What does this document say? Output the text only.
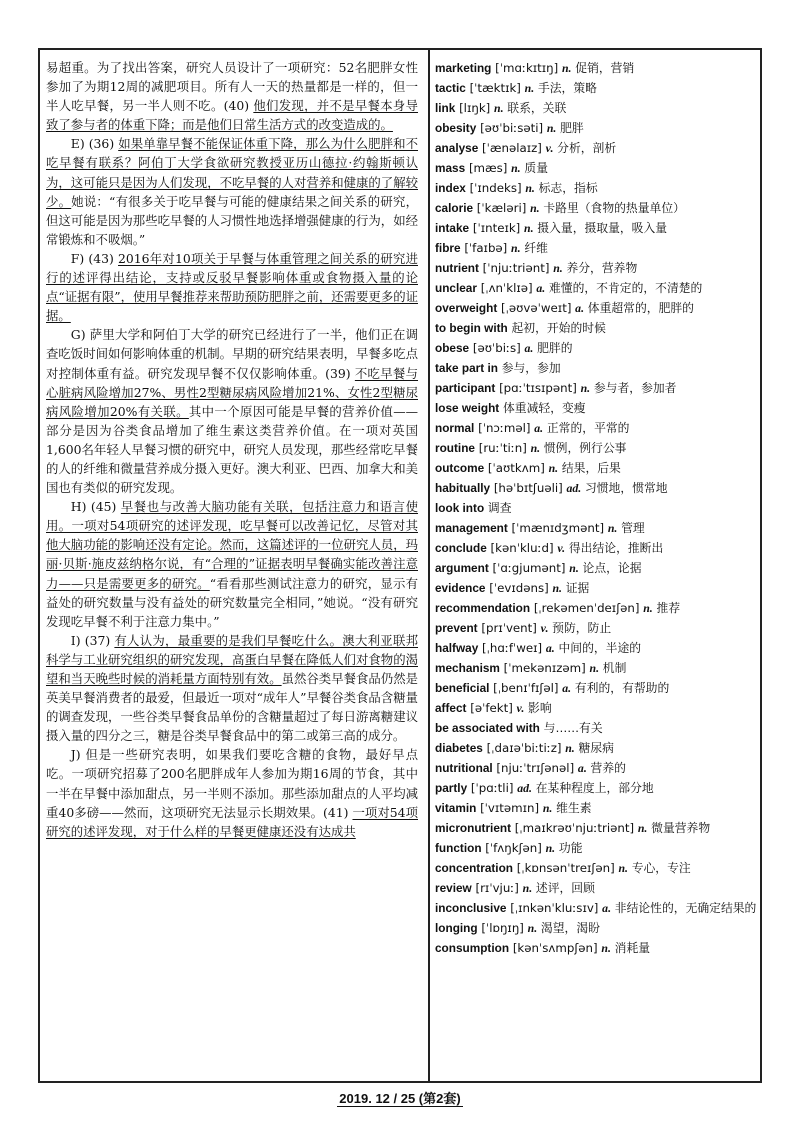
易超重。为了找出答案，研究人员设计了一项研究：52名肥胖女性参加了为期12周的减肥项目。所有人一天的热量都是一样的，但一半人吃早餐，另一半人则不吃。(40) 他们发现，并不是早餐本身导致了参与者的体重下降；而是他们日常生活方式的改变造成的。

E) (36) 如果单靠早餐不能保证体重下降，那么为什么肥胖和不吃早餐有联系？阿伯丁大学食欲研究教授亚历山德拉·约翰斯顿认为，这可能只是因为人们发现，不吃早餐的人对营养和健康的了解较少。她说：“有很多关于吃早餐与可能的健康结果之间关系的研究，但这可能是因为那些吃早餐的人习惯性地选择增强健康的行为，如经常锻炼和不吸烟。”

F) (43) 2016年对10项关于早餐与体重管理之间关系的研究进行的述评得出结论，支持或反驳早餐影响体重或食物摄入量的论点“证据有限”，使用早餐推荐来帮助预防肥胖之前，还需要更多的证据。

G) 萨里大学和阿伯丁大学的研究已经进行了一半，他们正在调查吃饭时间如何影响体重的机制。早期的研究结果表明，早餐多吃点对控制体重有益。研究发现早餐不仅仅影响体重。(39) 不吃早餐与心脏病风险增加27%、男性2型糖尿病风险增加21%、女性2型糖尿病风险增加20%有关联。其中一个原因可能是早餐的营养价值——部分是因为谷类食品增加了维生素这类营养价值。在一项对英国1,600名年轻人早餐习惯的研究中，研究人员发现，那些经常吃早餐的人的纤维和微量营养成分摄入更好。澳大利亚、巴西、加拿大和美国也有类似的研究发现。

H) (45) 早餐也与改善大脑功能有关联，包括注意力和语言使用。一项对54项研究的述评发现，吃早餐可以改善记忆，尽管对其他大脑功能的影响还没有定论。然而，这篇述评的一位研究人员，玛丽·贝斯·施皮兹纳格尔说，有“合理的”证据表明早餐确实能改善注意力——只是需要更多的研究。“看看那些测试注意力的研究，显示有益处的研究数量与没有益处的研究数量完全相同，”她说。“没有研究发现吃早餐不利于注意力集中。”

I) (37) 有人认为，最重要的是我们早餐吃什么。澳大利亚联邦科学与工业研究组织的研究发现，高蛋白早餐在降低人们对食物的渴望和当天晚些时候的消耗量方面特别有效。虽然谷类早餐食品仍然是英美早餐消费者的最爱，但最近一项对“成年人”早餐谷类食品含糖量的调查发现，一些谷类早餐食品单份的含糖量超过了每日游离糖建议摄入量的四分之三，糖是谷类早餐食品中的第二或第三高的成分。

J) 但是一些研究表明，如果我们要吃含糖的食物，最好早点吃。一项研究招募了200名肥胖成年人参加为期16周的节食，其中一半在早餐中添加甜点，另一半则不添加。那些添加甜点的人平均减重40多磅——然而，这项研究无法显示长期效果。(41) 一项对54项研究的述评发现，对于什么样的早餐更健康还没有达成共

marketing [ˈmɑːkɪtɪŋ] n. 促销，营销

tactic [ˈtæktɪk] n. 手法，策略

link [lɪŋk] n. 联系，关联

obesity [əʊˈbiːsəti] n. 肥胖

analyse [ˈænəlaɪz] v. 分析，剖析

mass [mæs] n. 质量

index [ˈɪndeks] n. 标志，指标

calorie [ˈkæləri] n. 卡路里（食物的热量单位）

intake [ˈɪnteɪk] n. 摄入量，摄取量，吸入量

fibre [ˈfaɪbə] n. 纤维

nutrient [ˈnjuːtriənt] n. 养分，营养物

unclear [ˌʌnˈklɪə] a. 难懂的，不肯定的，不清楚的

overweight [ˌəʊvəˈweɪt] a. 体重超常的，肥胖的

to begin with 起初，开始的时候

obese [əʊˈbiːs] a. 肥胖的

take part in 参与，参加

participant [pɑːˈtɪsɪpənt] n. 参与者，参加者

lose weight 体重减轻，变瘦

normal [ˈnɔːməl] a. 正常的，平常的

routine [ruːˈtiːn] n. 惯例，例行公事

outcome [ˈaʊtkʌm] n. 结果，后果

habitually [həˈbɪtʃuəli] ad. 习惯地，惯常地

look into 调查

management [ˈmænɪdʒmənt] n. 管理

conclude [kənˈkluːd] v. 得出结论，推断出

argument [ˈɑːgjumənt] n. 论点，论据

evidence [ˈevɪdəns] n. 证据

recommendation [ˌrekəmenˈdeɪʃən] n. 推荐

prevent [prɪˈvent] v. 预防，防止

halfway [ˌhɑːfˈweɪ] a. 中间的，半途的

mechanism [ˈmekənɪzəm] n. 机制

beneficial [ˌbenɪˈfɪʃəl] a. 有利的，有帮助的

affect [əˈfekt] v. 影响

be associated with 与……有关

diabetes [ˌdaɪəˈbiːtiːz] n. 糖尿病

nutritional [njuːˈtrɪʃənəl] a. 营养的

partly [ˈpɑːtli] ad. 在某种程度上，部分地

vitamin [ˈvɪtəmɪn] n. 维生素

micronutrient [ˌmaɪkrəʊˈnjuːtriənt] n. 微量营养物

function [ˈfʌŋkʃən] n. 功能

concentration [ˌkɒnsənˈtreɪʃən] n. 专心，专注

review [rɪˈvjuː] n. 述评，回顾

inconclusive [ˌɪnkənˈkluːsɪv] a. 非结论性的，无确定结果的

longing [ˈlɒŋɪŋ] n. 渴望，渴盼

consumption [kənˈsʌmpʃən] n. 消耗量

2019. 12 / 25 (第2套)
